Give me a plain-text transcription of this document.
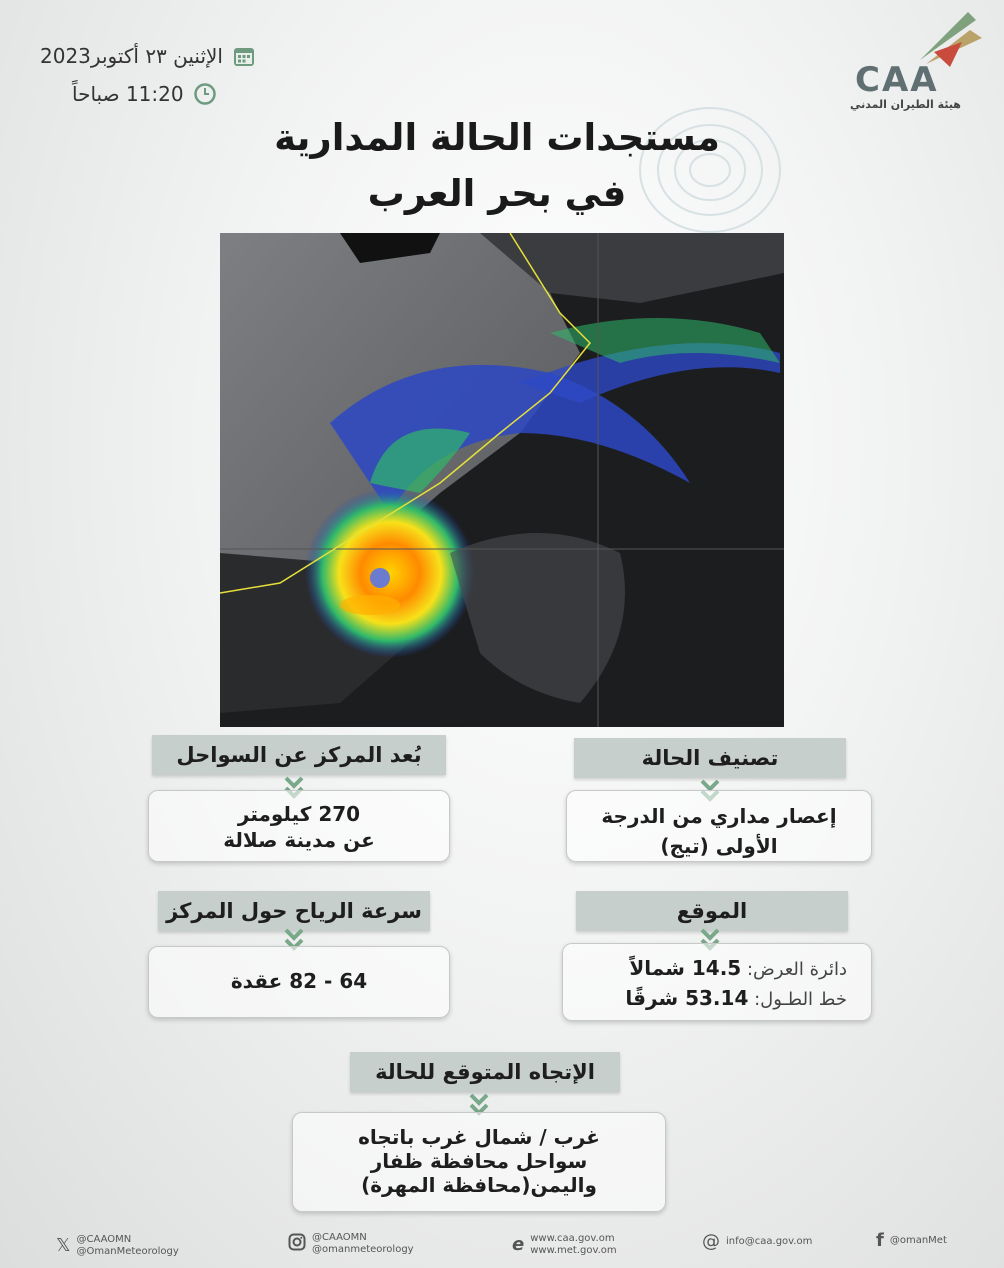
CAA
هيئة الطيران المدني
الإثنين ٢٣ أكتوبر2023
11:20 صباحاً
مستجدات الحالة المدارية
في بحر العرب
تصنيف الحالة
إعصار مداري من الدرجة
الأولى (تيج)
بُعد المركز عن السواحل
270 كيلومتر
عن مدينة صلالة
الموقع
دائرة العرض: 14.5 شمالاً
خط الطـول: 53.14 شرقًا
سرعة الرياح حول المركز
64 - 82 عقدة
الإتجاه المتوقع للحالة
غرب / شمال غرب باتجاه
سواحل محافظة ظفار
واليمن(محافظة المهرة)
𝕏 @CAAOMN
@OmanMeteorology
@CAAOMN
@omanmeteorology	e www.caa.gov.om
www.met.gov.om	@ info@caa.gov.om	f @omanMet
